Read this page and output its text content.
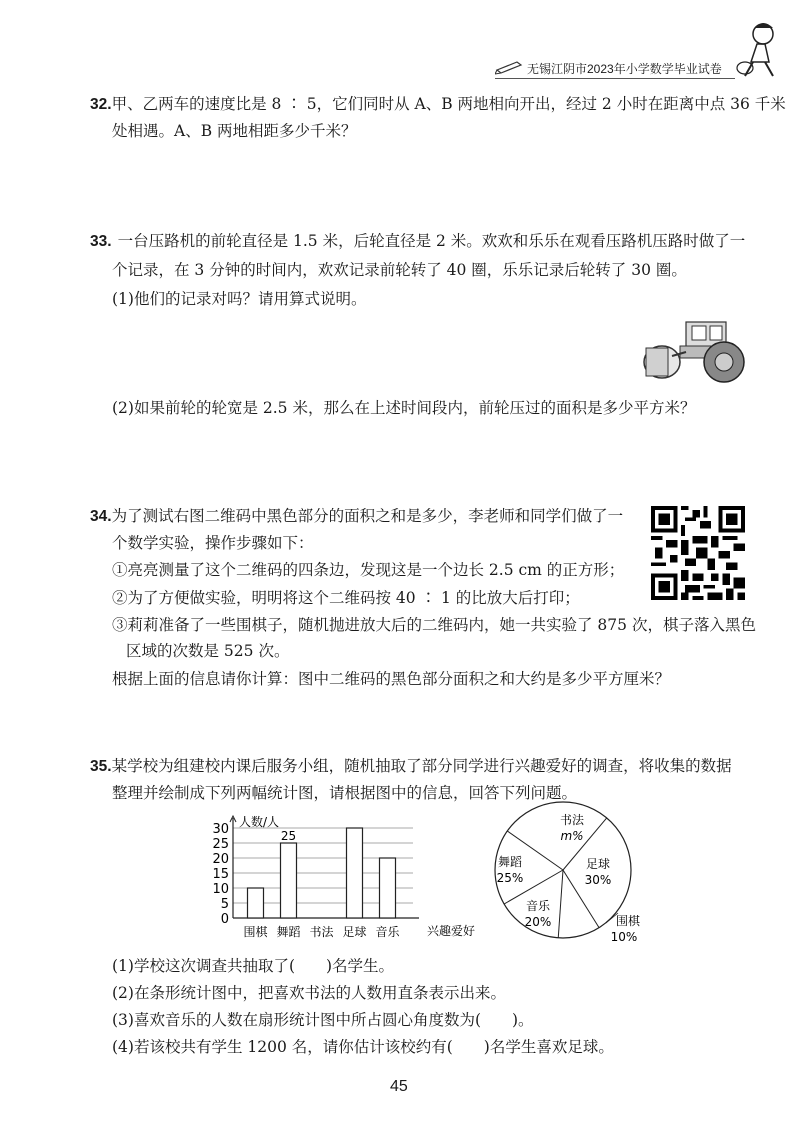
无锡江阴市2023年小学数学毕业试卷
32.甲、乙两车的速度比是 8 ∶ 5，它们同时从 A、B 两地相向开出，经过 2 小时在距离中点 36 千米
处相遇。A、B 两地相距多少千米？
33. 一台压路机的前轮直径是 1.5 米，后轮直径是 2 米。欢欢和乐乐在观看压路机压路时做了一
个记录，在 3 分钟的时间内，欢欢记录前轮转了 40 圈，乐乐记录后轮转了 30 圈。
(1)他们的记录对吗？请用算式说明。
(2)如果前轮的轮宽是 2.5 米，那么在上述时间段内，前轮压过的面积是多少平方米？
34.为了测试右图二维码中黑色部分的面积之和是多少，李老师和同学们做了一
个数学实验，操作步骤如下：
①亮亮测量了这个二维码的四条边，发现这是一个边长 2.5 cm 的正方形；
②为了方便做实验，明明将这个二维码按 40 ∶ 1 的比放大后打印；
③莉莉准备了一些围棋子，随机抛进放大后的二维码内，她一共实验了 875 次，棋子落入黑色
区域的次数是 525 次。
根据上面的信息请你计算：图中二维码的黑色部分面积之和大约是多少平方厘米？
35.某学校为组建校内课后服务小组，随机抽取了部分同学进行兴趣爱好的调查，将收集的数据
整理并绘制成下列两幅统计图，请根据图中的信息，回答下列问题。
人数/人
兴趣爱好
0
5
10
15
20
25
30
围棋
25
舞蹈 书法 足球 音乐
书法
m%
足球
30%
围棋
10%
音乐
20%
舞蹈
25%
(1)学校这次调查共抽取了(　　)名学生。
(2)在条形统计图中，把喜欢书法的人数用直条表示出来。
(3)喜欢音乐的人数在扇形统计图中所占圆心角度数为(　　)。
(4)若该校共有学生 1200 名，请你估计该校约有(　　)名学生喜欢足球。
45
